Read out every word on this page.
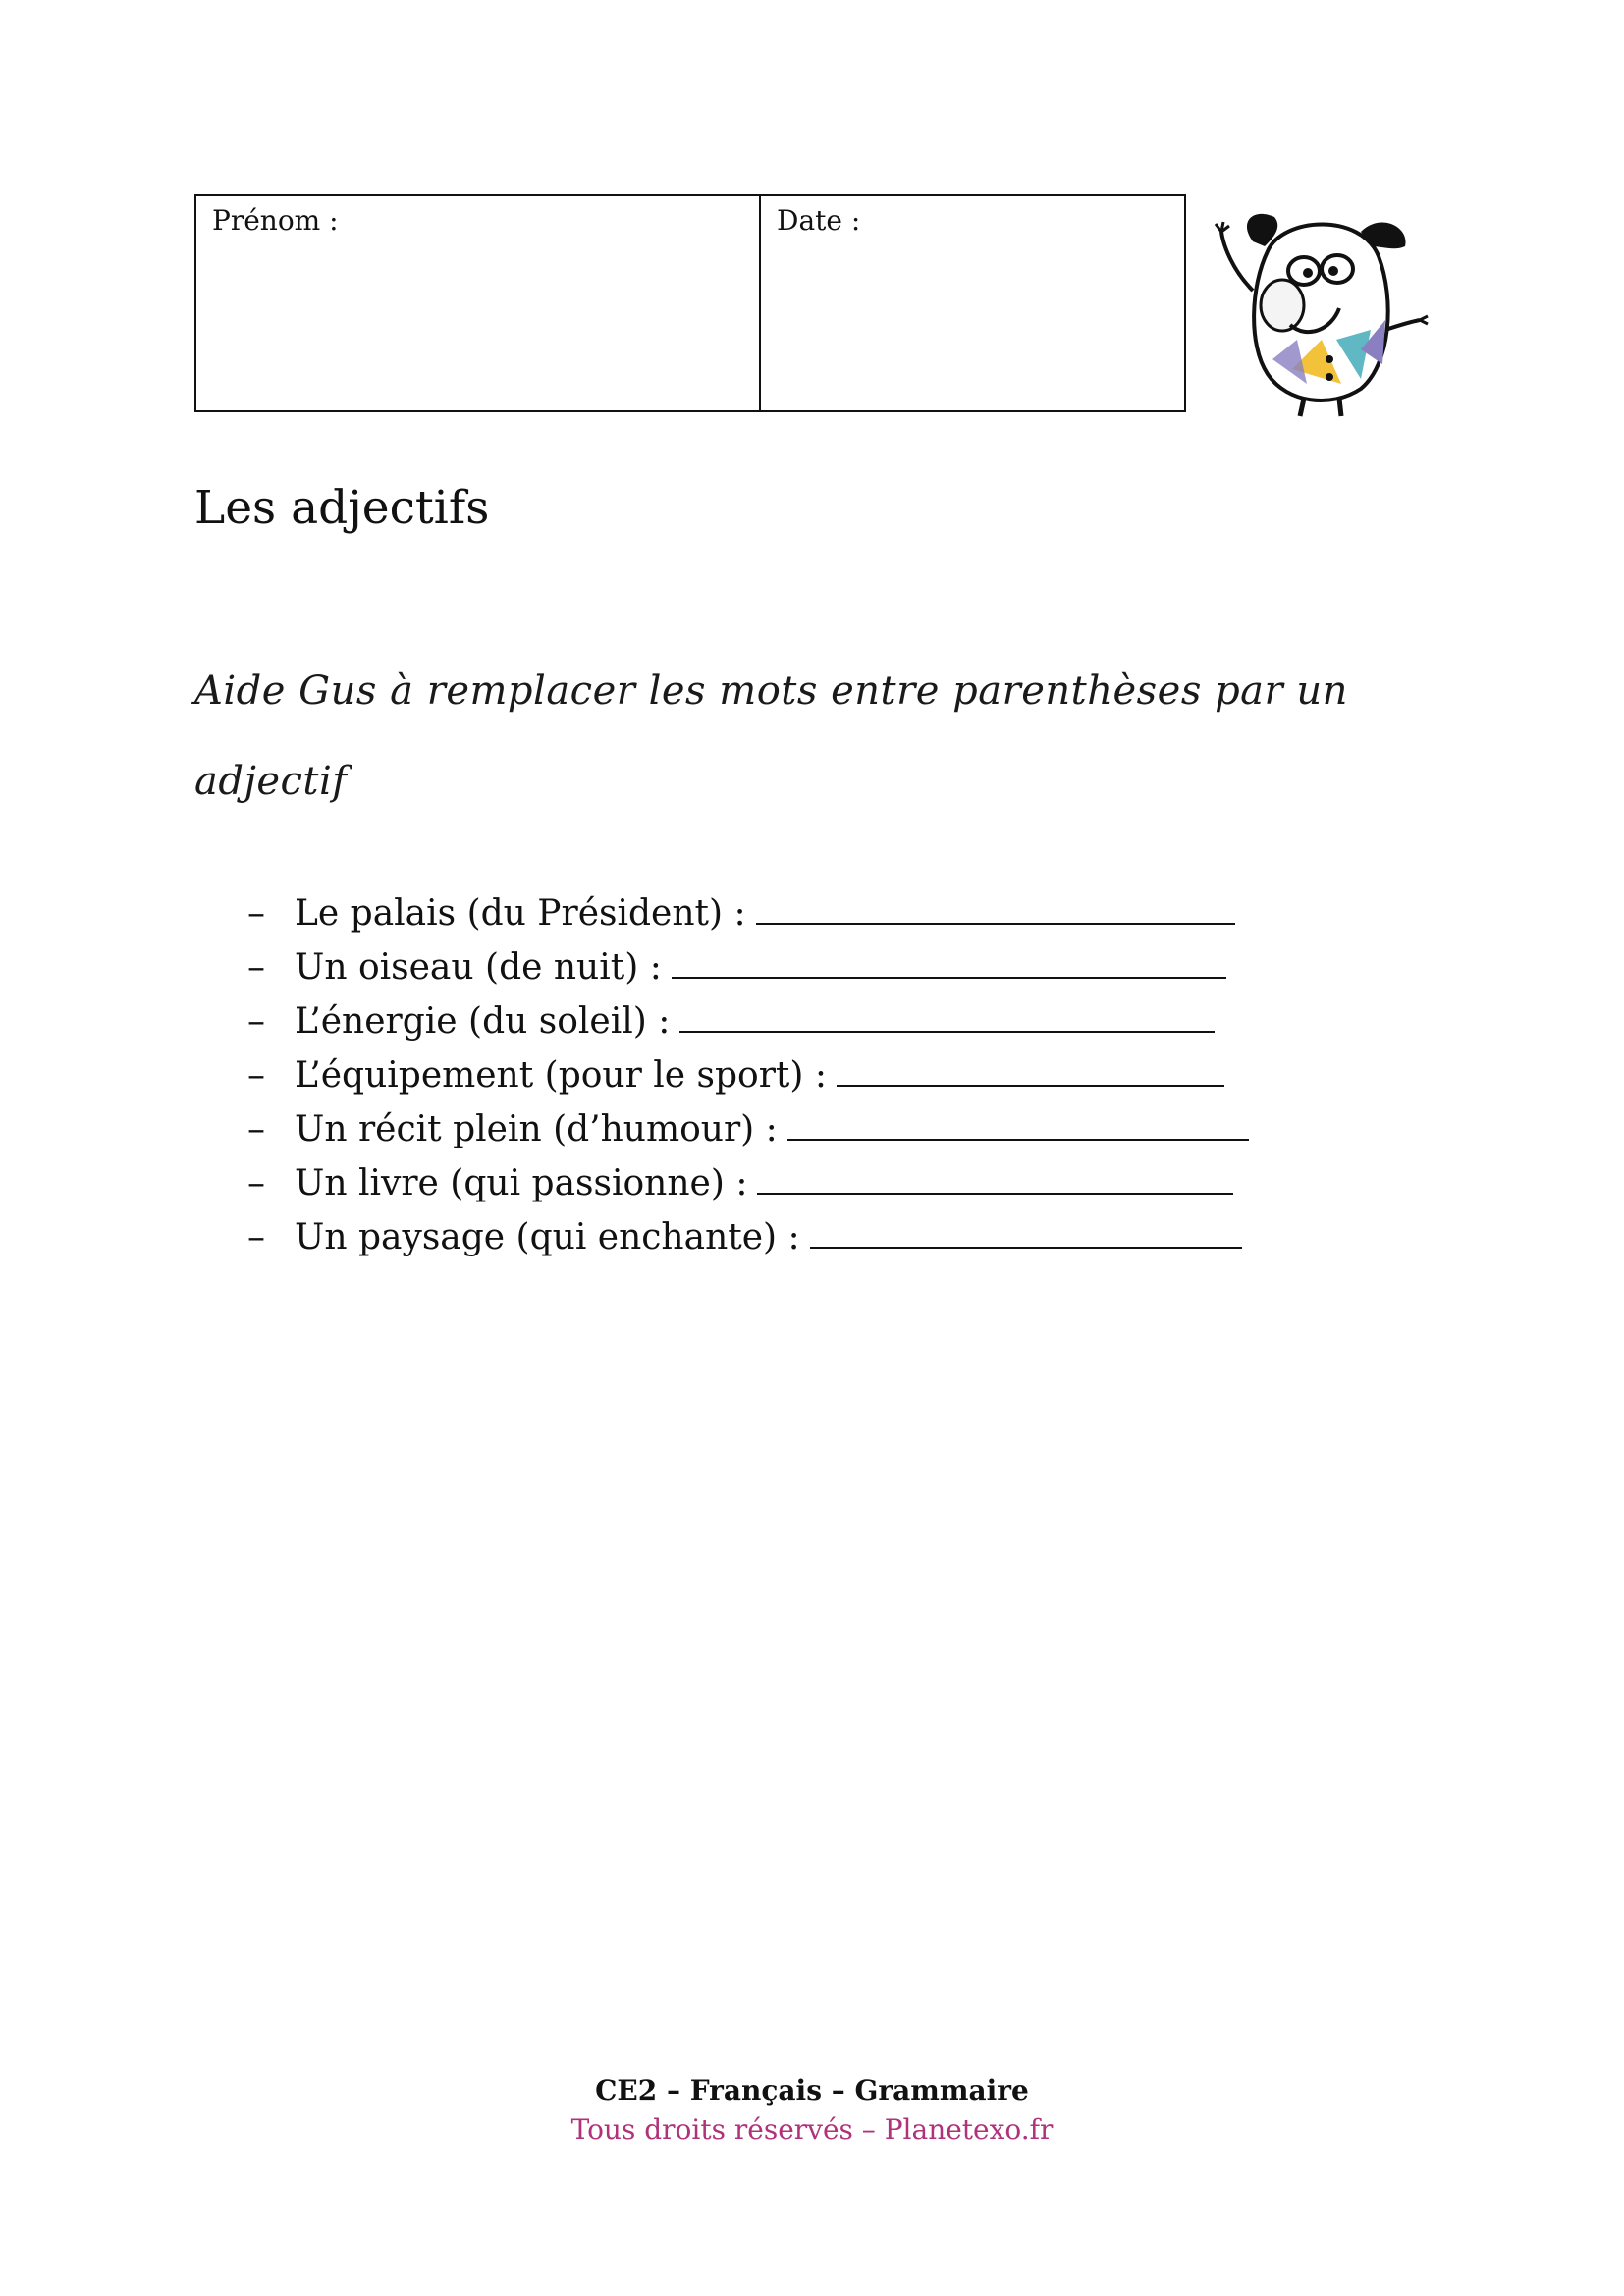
Prénom :	Date :
Les adjectifs
Aide Gus à remplacer les mots entre parenthèses par un adjectif
– Le palais (du Président) :
– Un oiseau (de nuit) :
– L’énergie (du soleil) :
– L’équipement (pour le sport) :
– Un récit plein (d’humour) :
– Un livre (qui passionne) :
– Un paysage (qui enchante) :
CE2 – Français – Grammaire
Tous droits réservés – Planetexo.fr
